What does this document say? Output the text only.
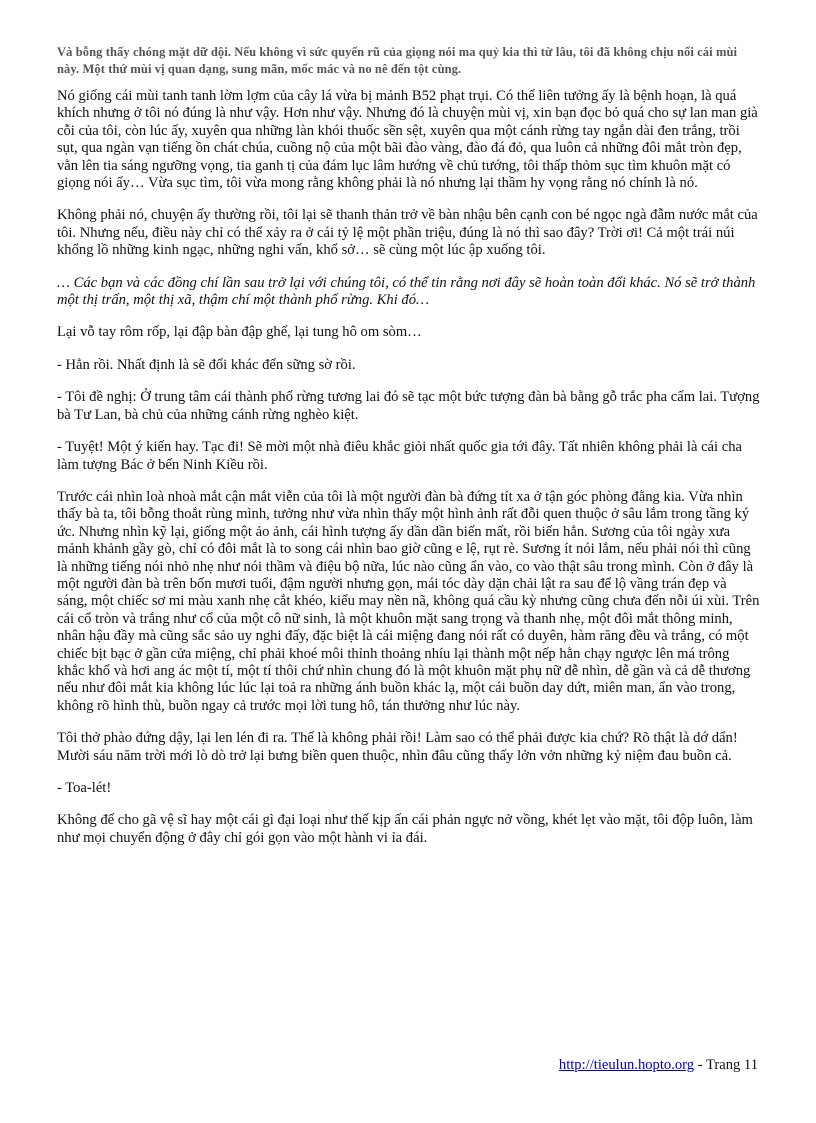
Và bỗng thấy chóng mặt dữ dội. Nếu không vì sức quyến rũ của giọng nói ma quỷ kia thì từ lâu, tôi đã không chịu nổi cái mùi này. Một thứ mùi vị quan dạng, sung mãn, mốc mác và no nê đến tột cùng.

Nó giống cái mùi tanh tanh lờm lợm của cây lá vừa bị mảnh B52 phạt trụi. Có thể liên tưởng ấy là bệnh hoạn, là quá khích nhưng ở tôi nó đúng là như vậy. Hơn như vậy. Nhưng đó là chuyện mùi vị, xin bạn đọc bỏ quá cho sự lan man già cỗi của tôi, còn lúc ấy, xuyên qua những làn khói thuốc sền sệt, xuyên qua một cánh rừng tay ngắn dài đen trắng, trồi sụt, qua ngàn vạn tiếng ồn chát chúa, cuồng nộ của một bãi đào vàng, đào đá đỏ, qua luôn cả những đôi mắt tròn đẹp, vằn lên tia sáng ngưỡng vọng, tia ganh tị của đám lục lâm hướng về chủ tướng, tôi thấp thỏm sục tìm khuôn mặt có giọng nói ấy… Vừa sục tìm, tôi vừa mong rằng không phải là nó nhưng lại thầm hy vọng rằng nó chính là nó.

Không phải nó, chuyện ấy thường rồi, tôi lại sẽ thanh thản trở về bàn nhậu bên cạnh con bé ngọc ngà đẫm nước mắt của tôi. Nhưng nếu, điều này chỉ có thể xảy ra ở cái tỷ lệ một phần triệu, đúng là nó thì sao đây? Trời ơi! Cả một trái núi khổng lồ những kinh ngạc, những nghi vấn, khổ sở… sẽ cùng một lúc ập xuống tôi.

… Các bạn và các đồng chí lần sau trở lại với chúng tôi, có thể tin rằng nơi đây sẽ hoàn toàn đổi khác. Nó sẽ trở thành một thị trấn, một thị xã, thậm chí một thành phố rừng. Khi đó…

Lại vỗ tay rôm rốp, lại đập bàn đập ghế, lại tung hô om sòm…

- Hẳn rồi. Nhất định là sẽ đổi khác đến sững sờ rồi.

- Tôi đề nghị: Ở trung tâm cái thành phố rừng tương lai đó sẽ tạc một bức tượng đàn bà bằng gỗ trắc pha cẩm lai. Tượng bà Tư Lan, bà chủ của những cánh rừng nghèo kiệt.

- Tuyệt! Một ý kiến hay. Tạc đi! Sẽ mời một nhà điêu khắc giỏi nhất quốc gia tới đây. Tất nhiên không phải là cái cha làm tượng Bác ở bến Ninh Kiều rồi.

Trước cái nhìn loà nhoà mắt cận mắt viễn của tôi là một người đàn bà đứng tít xa ở tận góc phòng đằng kia. Vừa nhìn thấy bà ta, tôi bỗng thoắt rùng mình, tưởng như vừa nhìn thấy một hình ảnh rất đỗi quen thuộc ở sâu lắm trong tầng ký ức. Nhưng nhìn kỹ lại, giống một ảo ảnh, cái hình tượng ấy dần dần biến mất, rồi biến hẳn. Sương của tôi ngày xưa mảnh khảnh gầy gò, chỉ có đôi mắt là to song cái nhìn bao giờ cũng e lệ, rụt rè. Sương ít nói lắm, nếu phải nói thì cũng là những tiếng nói nhỏ nhẹ như nói thầm và điệu bộ nữa, lúc nào cũng ẩn vào, co vào thật sâu trong mình. Còn ở đây là một người đàn bà trên bốn mươi tuổi, đậm người nhưng gọn, mái tóc dày dặn chải lật ra sau để lộ vầng trán đẹp và sáng, một chiếc sơ mi màu xanh nhẹ cắt khéo, kiểu may nền nã, không quá cầu kỳ nhưng cũng chưa đến nỗi úi xùi. Trên cái cổ tròn và trắng như cổ của một cô nữ sinh, là một khuôn mặt sang trọng và thanh nhẹ, một đôi mắt thông minh, nhân hậu đầy mà cũng sắc sảo uy nghi đấy, đặc biệt là cái miệng đang nói rất có duyên, hàm răng đều và trắng, có một chiếc bịt bạc ở gần cửa miệng, chỉ phải khoé môi thỉnh thoảng nhíu lại thành một nếp hằn chạy ngược lên má trông khắc khổ và hơi ang ác một tí, một tí thôi chứ nhìn chung đó là một khuôn mặt phụ nữ dễ nhìn, dễ gần và cả dễ thương nếu như đôi mắt kia không lúc lúc lại toả ra những ánh buồn khác lạ, một cái buồn day dứt, miên man, ẩn vào trong, không rõ hình thù, buồn ngay cả trước mọi lời tung hô, tán thưởng như lúc này.

Tôi thở phào đứng dậy, lại len lén đi ra. Thế là không phải rồi! Làm sao có thể phải được kia chứ? Rõ thật là dớ dẩn! Mười sáu năm trời mới lò dò trở lại bưng biền quen thuộc, nhìn đâu cũng thấy lởn vởn những kỷ niệm đau buồn cả.

- Toa-lét!

Không để cho gã vệ sĩ hay một cái gì đại loại như thế kịp ấn cái phản ngực nở vồng, khét lẹt vào mặt, tôi độp luôn, làm như mọi chuyển động ở đây chỉ gói gọn vào một hành vi ỉa đái.

http://tieulun.hopto.org - Trang 11
